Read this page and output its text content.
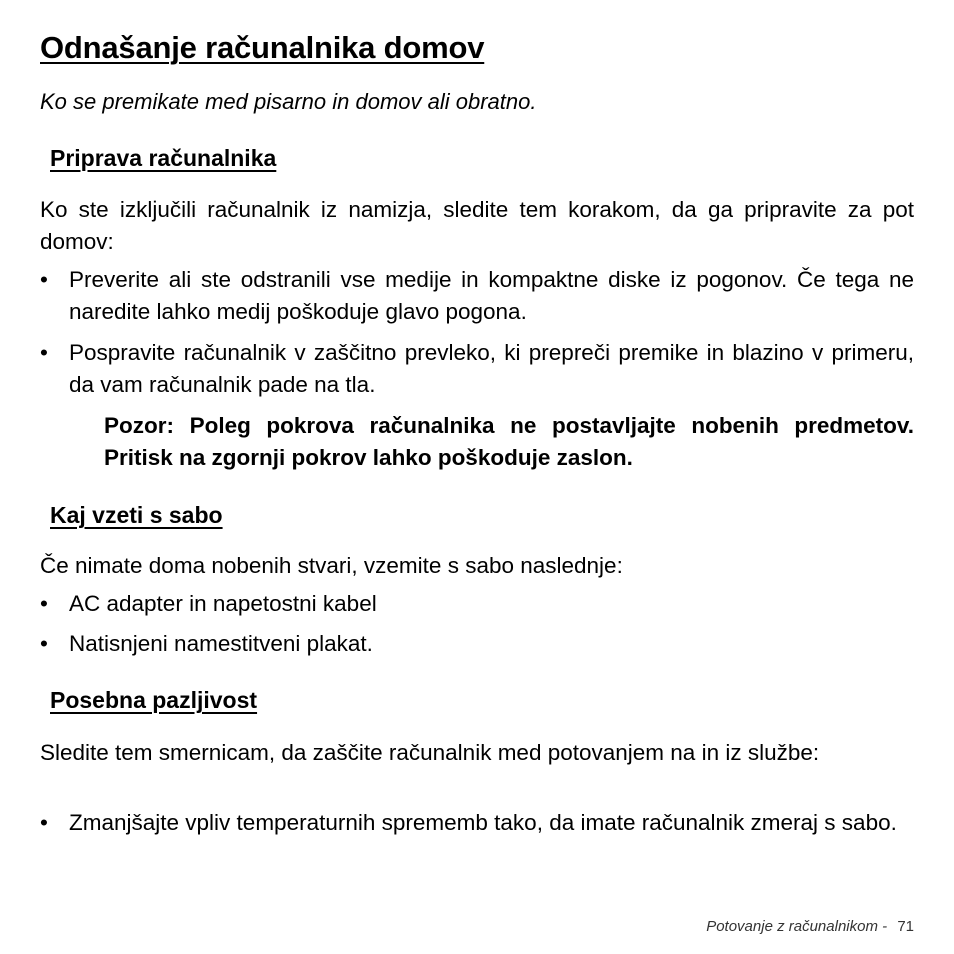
Odnašanje računalnika domov
Ko se premikate med pisarno in domov ali obratno.
Priprava računalnika
Ko ste izklјučili računalnik iz namizja, sledite tem korakom, da ga pripravite za pot domov:
• Preverite ali ste odstranili vse medije in kompaktne diske iz pogonov. Če tega ne naredite lahko medij poškoduje glavo pogona.
• Pospravite računalnik v zaščitno prevleko, ki prepreči premike in blazino v primeru, da vam računalnik pade na tla.
Pozor: Poleg pokrova računalnika ne postavljajte nobenih predmetov. Pritisk na zgornji pokrov lahko poškoduje zaslon.
Kaj vzeti s sabo
Če nimate doma nobenih stvari, vzemite s sabo naslednje:
• AC adapter in napetostni kabel
• Natisnjeni namestitveni plakat.
Posebna pazljivost
Sledite tem smernicam, da zaščite računalnik med potovanjem na in iz službe:
• Zmanjšajte vpliv temperaturnih sprememb tako, da imate računalnik zmeraj s sabo.
Potovanje z računalnikom - 71
